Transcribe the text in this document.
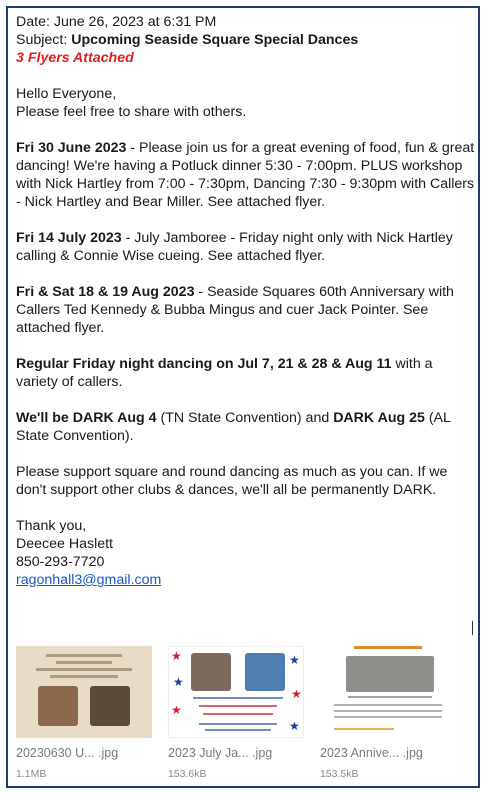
Date: June 26, 2023 at 6:31 PM
Subject: Upcoming Seaside Square Special Dances
3 Flyers Attached
Hello Everyone,

Please feel free to share with others.

Fri 30 June 2023 - Please join us for a great evening of food, fun & great dancing! We're having a Potluck dinner 5:30 - 7:00pm. PLUS workshop with Nick Hartley from 7:00 - 7:30pm, Dancing 7:30 - 9:30pm with Callers - Nick Hartley and Bear Miller. See attached flyer.

Fri 14 July 2023 - July Jamboree - Friday night only with Nick Hartley calling & Connie Wise cueing. See attached flyer.

Fri & Sat 18 & 19 Aug 2023 - Seaside Squares 60th Anniversary with Callers Ted Kennedy & Bubba Mingus and cuer Jack Pointer. See attached flyer.

Regular Friday night dancing on Jul 7, 21 & 28 & Aug 11 with a variety of callers.

We'll be DARK Aug 4 (TN State Convention) and DARK Aug 25 (AL State Convention).

Please support square and round dancing as much as you can. If we don't support other clubs & dances, we'll all be permanently DARK.

Thank you,
Deecee Haslett
850-293-7720
ragonhall3@gmail.com
20230630 U... .jpg
1.1MB
★
★
★
★
★
★
2023 July Ja... .jpg
153.6kB
2023 Annive... .jpg
153.5kB
